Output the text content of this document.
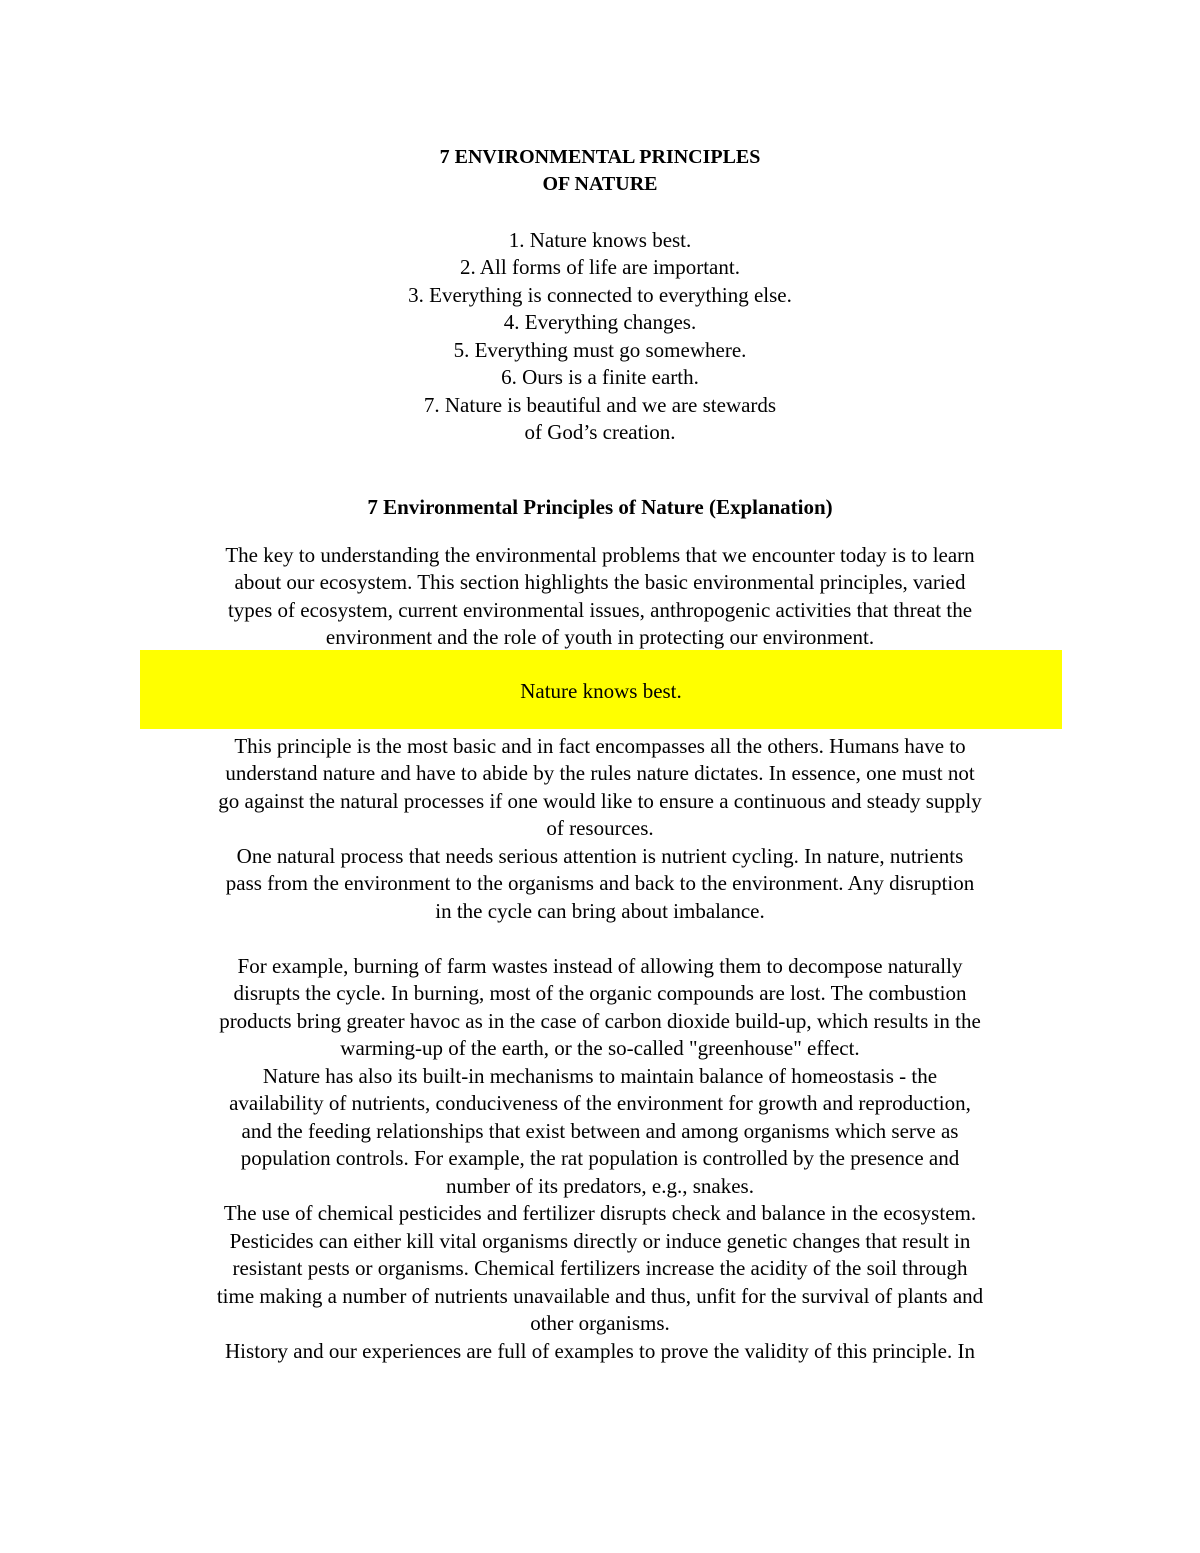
7 ENVIRONMENTAL PRINCIPLES
OF NATURE
1. Nature knows best.
2. All forms of life are important.
3. Everything is connected to everything else.
4. Everything changes.
5. Everything must go somewhere.
6. Ours is a finite earth.
7. Nature is beautiful and we are stewards
of God’s creation.
7 Environmental Principles of Nature (Explanation)
The key to understanding the environmental problems that we encounter today is to learn
about our ecosystem. This section highlights the basic environmental principles, varied
types of ecosystem, current environmental issues, anthropogenic activities that threat the
environment and the role of youth in protecting our environment.
Nature knows best.
This principle is the most basic and in fact encompasses all the others. Humans have to
understand nature and have to abide by the rules nature dictates. In essence, one must not
go against the natural processes if one would like to ensure a continuous and steady supply
of resources.
One natural process that needs serious attention is nutrient cycling. In nature, nutrients
pass from the environment to the organisms and back to the environment. Any disruption
in the cycle can bring about imbalance.
For example, burning of farm wastes instead of allowing them to decompose naturally
disrupts the cycle. In burning, most of the organic compounds are lost. The combustion
products bring greater havoc as in the case of carbon dioxide build-up, which results in the
warming-up of the earth, or the so-called "greenhouse" effect.
Nature has also its built-in mechanisms to maintain balance of homeostasis - the
availability of nutrients, conduciveness of the environment for growth and reproduction,
and the feeding relationships that exist between and among organisms which serve as
population controls. For example, the rat population is controlled by the presence and
number of its predators, e.g., snakes.
The use of chemical pesticides and fertilizer disrupts check and balance in the ecosystem.
Pesticides can either kill vital organisms directly or induce genetic changes that result in
resistant pests or organisms. Chemical fertilizers increase the acidity of the soil through
time making a number of nutrients unavailable and thus, unfit for the survival of plants and
other organisms.
History and our experiences are full of examples to prove the validity of this principle. In
